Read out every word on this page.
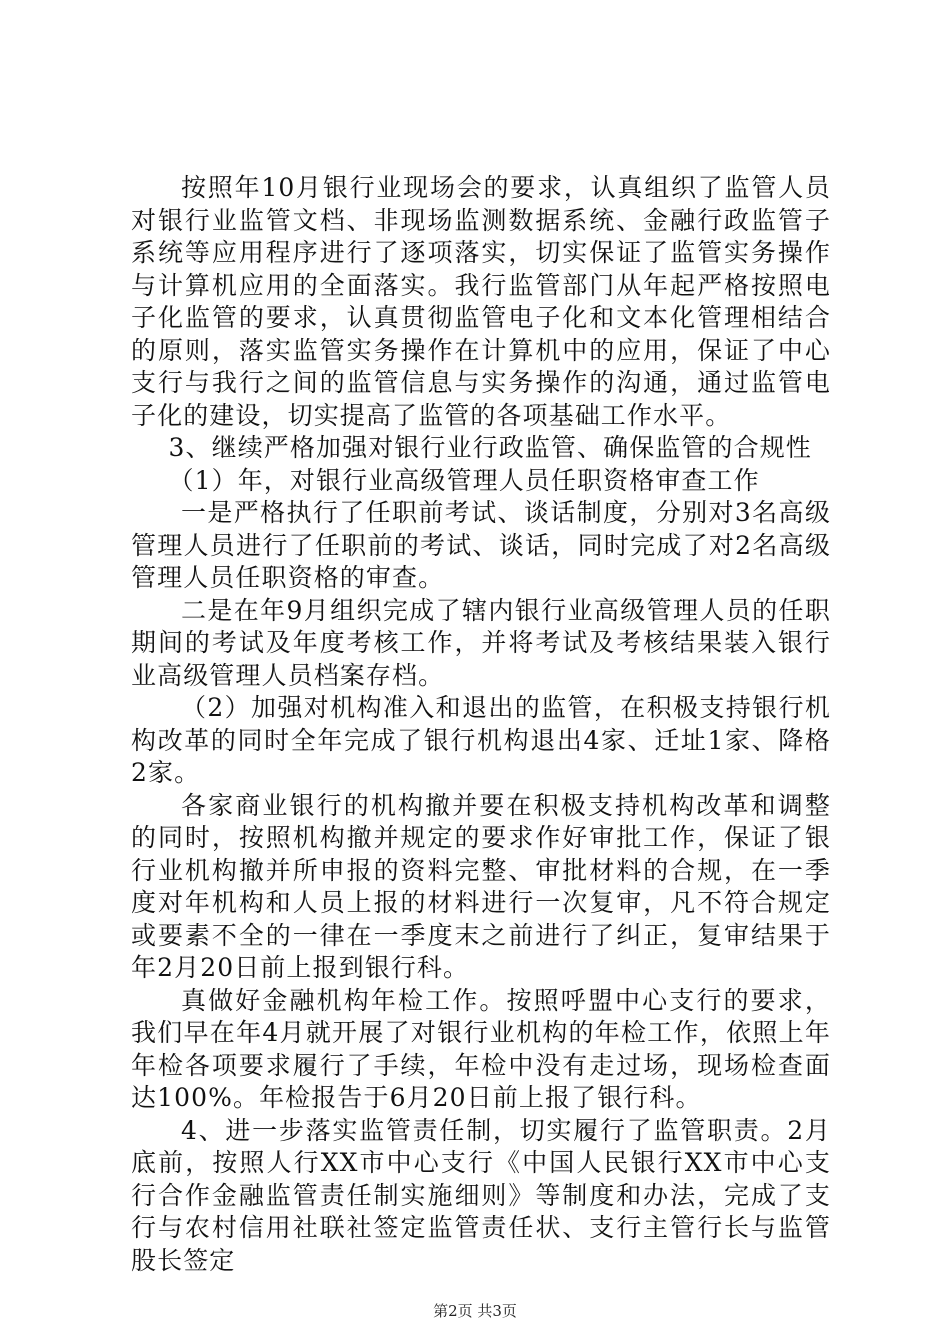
按照年10月银行业现场会的要求，认真组织了监管人员对银行业监管文档、非现场监测数据系统、金融行政监管子系统等应用程序进行了逐项落实，切实保证了监管实务操作与计算机应用的全面落实。我行监管部门从年起严格按照电子化监管的要求，认真贯彻监管电子化和文本化管理相结合的原则，落实监管实务操作在计算机中的应用，保证了中心支行与我行之间的监管信息与实务操作的沟通，通过监管电子化的建设，切实提高了监管的各项基础工作水平。

3、继续严格加强对银行业行政监管、确保监管的合规性

（1）年，对银行业高级管理人员任职资格审查工作

一是严格执行了任职前考试、谈话制度，分别对3名高级管理人员进行了任职前的考试、谈话，同时完成了对2名高级管理人员任职资格的审查。

二是在年9月组织完成了辖内银行业高级管理人员的任职期间的考试及年度考核工作，并将考试及考核结果装入银行业高级管理人员档案存档。

（2）加强对机构准入和退出的监管，在积极支持银行机构改革的同时全年完成了银行机构退出4家、迁址1家、降格2家。

各家商业银行的机构撤并要在积极支持机构改革和调整的同时，按照机构撤并规定的要求作好审批工作，保证了银行业机构撤并所申报的资料完整、审批材料的合规，在一季度对年机构和人员上报的材料进行一次复审，凡不符合规定或要素不全的一律在一季度末之前进行了纠正，复审结果于年2月20日前上报到银行科。

真做好金融机构年检工作。按照呼盟中心支行的要求，我们早在年4月就开展了对银行业机构的年检工作，依照上年年检各项要求履行了手续，年检中没有走过场，现场检查面达100%。年检报告于6月20日前上报了银行科。

4、进一步落实监管责任制，切实履行了监管职责。2月底前，按照人行XX市中心支行《中国人民银行XX市中心支行合作金融监管责任制实施细则》等制度和办法，完成了支行与农村信用社联社签定监管责任状、支行主管行长与监管股长签定

第2页 共3页
